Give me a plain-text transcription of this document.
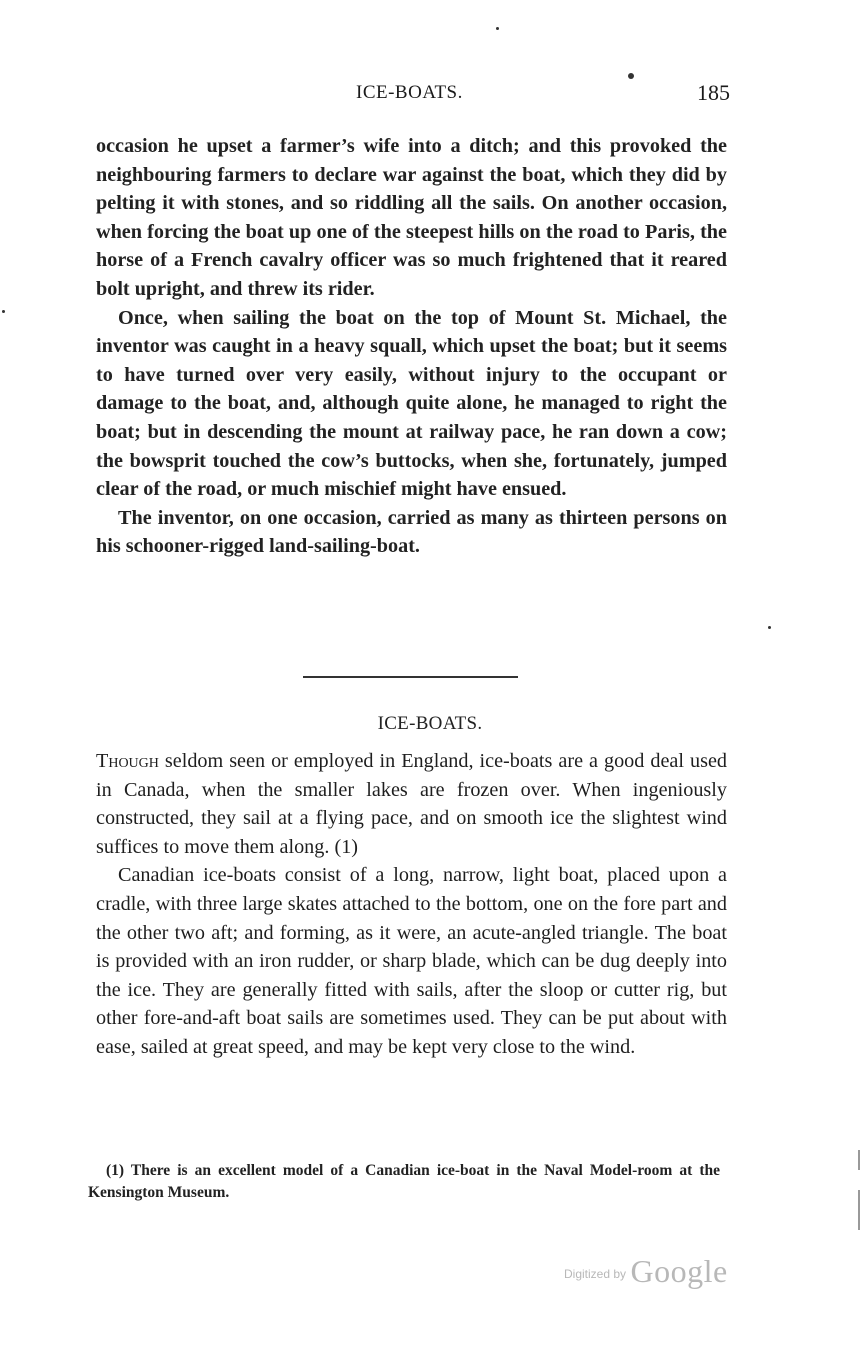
ICE-BOATS.	185

occasion he upset a farmer’s wife into a ditch; and this provoked the neighbouring farmers to declare war against the boat, which they did by pelting it with stones, and so riddling all the sails. On another occasion, when forcing the boat up one of the steepest hills on the road to Paris, the horse of a French cavalry officer was so much frightened that it reared bolt upright, and threw its rider.

Once, when sailing the boat on the top of Mount St. Michael, the inventor was caught in a heavy squall, which upset the boat; but it seems to have turned over very easily, without injury to the occupant or damage to the boat, and, although quite alone, he managed to right the boat; but in descending the mount at railway pace, he ran down a cow; the bowsprit touched the cow’s buttocks, when she, fortunately, jumped clear of the road, or much mischief might have ensued.

The inventor, on one occasion, carried as many as thirteen persons on his schooner-rigged land-sailing-boat.

ICE-BOATS.

Though seldom seen or employed in England, ice-boats are a good deal used in Canada, when the smaller lakes are frozen over. When ingeniously constructed, they sail at a flying pace, and on smooth ice the slightest wind suffices to move them along. (1)

Canadian ice-boats consist of a long, narrow, light boat, placed upon a cradle, with three large skates attached to the bottom, one on the fore part and the other two aft; and forming, as it were, an acute-angled triangle. The boat is provided with an iron rudder, or sharp blade, which can be dug deeply into the ice. They are generally fitted with sails, after the sloop or cutter rig, but other fore-and-aft boat sails are sometimes used. They can be put about with ease, sailed at great speed, and may be kept very close to the wind.

(1) There is an excellent model of a Canadian ice-boat in the Naval Model-room at the Kensington Museum.
$^{Digitized by}$ Google
